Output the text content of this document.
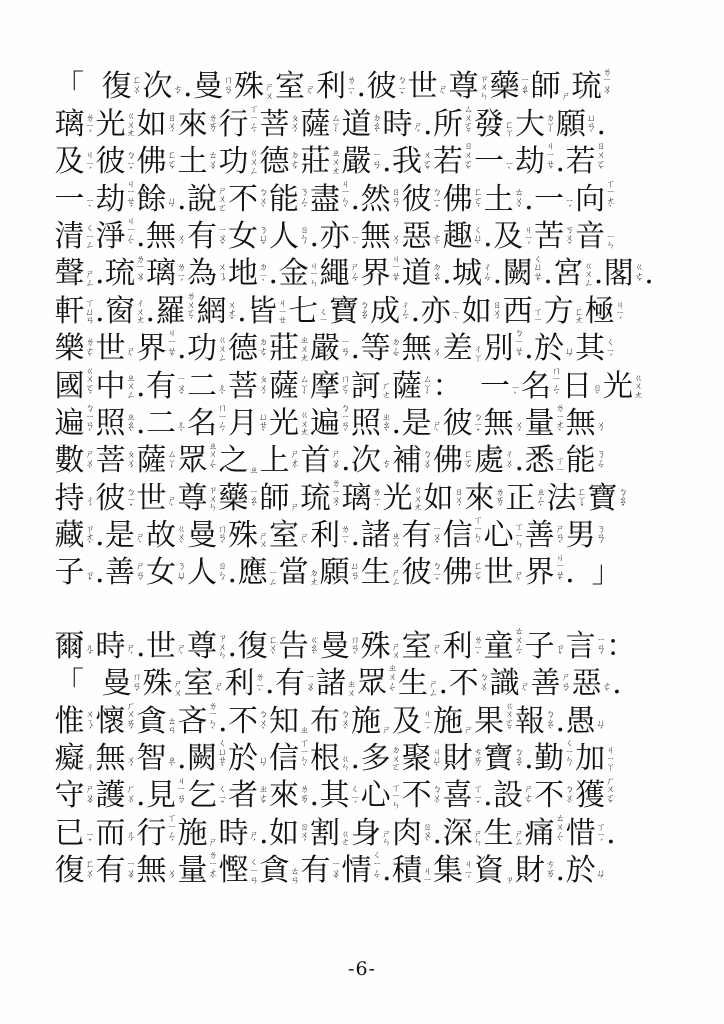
「
復 ㄈ
ㄨ
ˋ 次 ㄘ
ˋ . 曼 ㄇ
ㄢ
ˋ 殊 ㄕ
ㄨ 室 ㄕ
ˋ 利 ㄌ
ㄧ
ˋ . 彼 ㄅ
ㄧ
ˇ 世 ㄕ
ˋ 尊 ㄗ
ㄨ
ㄣ 藥 ㄧ
ㄠ
ˋ 師 ㄕ 琉 ㄌ
ㄧ
ㄡ
ˊ
璃 ㄌ
ㄧ
ˊ 光 ㄍ
ㄨ
ㄤ 如 ㄖ
ㄨ
ˊ 來 ㄌ
ㄞ
ˊ 行 ㄒ
ㄧ
ㄥ
ˊ 菩 ㄆ
ㄨ
ˊ 薩 ㄙ
ㄚ
ˋ 道 ㄉ
ㄠ
ˋ 時 ㄕ
ˊ . 所 ㄙ
ㄨ
ㄛ
ˇ 發 ㄈ
ㄚ 大 ㄉ
ㄚ
ˋ 願 ㄩ
ㄢ
ˋ .
及 ㄐ
ㄧ
ˊ 彼 ㄅ
ㄧ
ˇ 佛 ㄈ
ㄛ
ˊ 土 ㄊ
ㄨ
ˇ 功 ㄍ
ㄨ
ㄥ 德 ㄉ
ㄜ
ˊ 莊 ㄓ
ㄨ
ㄤ 嚴 ㄧ
ㄢ
ˊ . 我 ㄨ
ㄛ
ˇ 若 ㄖ
ㄨ
ㄛ
ˋ 一 ㄧ
ˋ 劫 ㄐ
ㄧ
ㄝ
ˊ . 若 ㄖ
ㄨ
ㄛ
ˋ
一 ㄧ
ˋ 劫 ㄐ
ㄧ
ㄝ
ˊ 餘 ㄩ
ˊ . 說 ㄕ
ㄨ
ㄛ 不 ㄅ
ㄨ
ˋ 能 ㄋ
ㄥ
ˊ 盡 ㄐ
ㄧ
ㄣ
ˋ . 然 ㄖ
ㄢ
ˊ 彼 ㄅ
ㄧ
ˇ 佛 ㄈ
ㄛ
ˊ 土 ㄊ
ㄨ
ˇ . 一 ㄧ
ˊ 向 ㄒ
ㄧ
ㄤ
ˋ
清 ㄑ
ㄧ
ㄥ 淨 ㄐ
ㄧ
ㄥ
ˋ . 無 ㄨ
ˊ 有 ㄧ
ㄡ
ˇ 女 ㄋ
ㄩ
ˇ 人 ㄖ
ㄣ
ˊ . 亦 ㄧ
ˋ 無 ㄨ
ˊ 惡 ㄜ
ˋ 趣 ㄑ
ㄩ
ˋ . 及 ㄐ
ㄧ
ˊ 苦 ㄎ
ㄨ
ˇ 音 ㄧ
ㄣ
聲 ㄕ
ㄥ . 琉 ㄌ
ㄧ
ㄡ
ˊ 璃 ㄌ
ㄧ
ˊ 為 ㄨ
ㄟ
ˊ 地 ㄉ
ㄧ
ˋ . 金 ㄐ
ㄧ
ㄣ 繩 ㄕ
ㄥ
ˊ 界 ㄐ
ㄧ
ㄝ
ˋ 道 ㄉ
ㄠ
ˋ . 城 ㄔ
ㄥ
ˊ . 闕 ㄑ
ㄩ
ㄝ
ˋ . 宮 ㄍ
ㄨ
ㄥ . 閣 ㄍ
ㄜ
ˊ .
軒 ㄒ
ㄩ
ㄢ . 窗 ㄔ
ㄨ
ㄤ . 羅 ㄌ
ㄨ
ㄛ
ˊ 網 ㄨ
ㄤ
ˇ . 皆 ㄐ
ㄧ
ㄝ 七 ㄑ
ㄧ 寶 ㄅ
ㄠ
ˇ 成 ㄔ
ㄥ
ˊ . 亦 ㄧ
ˋ 如 ㄖ
ㄨ
ˊ 西 ㄒ
ㄧ 方 ㄈ
ㄤ 極 ㄐ
ㄧ
ˊ
樂 ㄌ
ㄜ
ˋ 世 ㄕ
ˋ 界 ㄐ
ㄧ
ㄝ
ˋ . 功 ㄍ
ㄨ
ㄥ 德 ㄉ
ㄜ
ˊ 莊 ㄓ
ㄨ
ㄤ 嚴 ㄧ
ㄢ
ˊ . 等 ㄉ
ㄥ
ˇ 無 ㄨ
ˊ 差 ㄔ
ㄚ 別 ㄅ
ㄧ
ㄝ
ˊ . 於 ㄩ
ˊ 其 ㄑ
ㄧ
ˊ
國 ㄍ
ㄨ
ㄛ
ˊ 中 ㄓ
ㄨ
ㄥ . 有 ㄧ
ㄡ
ˇ 二 ㄦ
ˋ 菩 ㄆ
ㄨ
ˊ 薩 ㄙ
ㄚ
ˋ 摩 ㄇ
ㄛ
ˊ 訶 ㄏ
ㄜ 薩 ㄙ
ㄚ
ˋ ：
一 ㄧ
ˋ 名 ㄇ
ㄧ
ㄥ
ˊ 日 ㄖ
ˋ 光 ㄍ
ㄨ
ㄤ
遍 ㄅ
ㄧ
ㄢ
ˋ 照 ㄓ
ㄠ
ˋ . 二 ㄦ
ˋ 名 ㄇ
ㄧ
ㄥ
ˊ 月 ㄩ
ㄝ
ˋ 光 ㄍ
ㄨ
ㄤ 遍 ㄅ
ㄧ
ㄢ
ˋ 照 ㄓ
ㄠ
ˋ . 是 ㄕ
ˋ 彼 ㄅ
ㄧ
ˇ 無 ㄨ
ˊ 量 ㄌ
ㄧ
ㄤ
ˋ 無 ㄨ
ˊ
數 ㄕ
ㄨ
ˋ 菩 ㄆ
ㄨ
ˊ 薩 ㄙ
ㄚ
ˋ 眾 ㄓ
ㄨ
ㄥ
ˋ 之 ㄓ 上 ㄕ
ㄤ
ˋ 首 ㄕ
ㄡ
ˇ . 次 ㄘ
ˋ 補 ㄅ
ㄨ
ˇ 佛 ㄈ
ㄛ
ˊ 處 ㄔ
ㄨ
ˋ . 悉 ㄒ
ㄧ 能 ㄋ
ㄥ
ˊ
持 ㄔ
ˊ 彼 ㄅ
ㄧ
ˇ 世 ㄕ
ˋ 尊 ㄗ
ㄨ
ㄣ 藥 ㄧ
ㄠ
ˋ 師 ㄕ 琉 ㄌ
ㄧ
ㄡ
ˊ 璃 ㄌ
ㄧ
ˊ 光 ㄍ
ㄨ
ㄤ 如 ㄖ
ㄨ
ˊ 來 ㄌ
ㄞ
ˊ 正 ㄓ
ㄥ
ˋ 法 ㄈ
ㄚ
ˇ 寶 ㄅ
ㄠ
ˇ
藏 ㄗ
ㄤ
ˋ . 是 ㄕ
ˋ 故 ㄍ
ㄨ
ˋ 曼 ㄇ
ㄢ
ˋ 殊 ㄕ
ㄨ 室 ㄕ
ˋ 利 ㄌ
ㄧ
ˋ . 諸 ㄓ
ㄨ 有 ㄧ
ㄡ
ˇ 信 ㄒ
ㄧ
ㄣ
ˋ 心 ㄒ
ㄧ
ㄣ 善 ㄕ
ㄢ
ˋ 男 ㄋ
ㄢ
ˊ
子 ㄗ
ˇ . 善 ㄕ
ㄢ
ˋ 女 ㄋ
ㄩ
ˇ 人 ㄖ
ㄣ
ˊ . 應 ㄧ
ㄥ 當 ㄉ
ㄤ 願 ㄩ
ㄢ
ˋ 生 ㄕ
ㄥ 彼 ㄅ
ㄧ
ˇ 佛 ㄈ
ㄛ
ˊ 世 ㄕ
ˋ 界 ㄐ
ㄧ
ㄝ
ˋ .
」
爾 ㄦ
ˇ 時 ㄕ
ˊ . 世 ㄕ
ˋ 尊 ㄗ
ㄨ
ㄣ . 復 ㄈ
ㄨ
ˋ 告 ㄍ
ㄠ
ˋ 曼 ㄇ
ㄢ
ˋ 殊 ㄕ
ㄨ 室 ㄕ
ˋ 利 ㄌ
ㄧ
ˋ 童 ㄊ
ㄨ
ㄥ
ˊ 子 ㄗ
ˇ 言 ㄧ
ㄢ
ˊ ：
「
曼 ㄇ
ㄢ
ˋ 殊 ㄕ
ㄨ 室 ㄕ
ˋ 利 ㄌ
ㄧ
ˋ . 有 ㄧ
ㄡ
ˇ 諸 ㄓ
ㄨ 眾 ㄓ
ㄨ
ㄥ
ˋ 生 ㄕ
ㄥ . 不 ㄅ
ㄨ
ˋ 識 ㄕ
ˋ 善 ㄕ
ㄢ
ˋ 惡 ㄜ
ˋ .
惟 ㄨ
ㄟ
ˊ 懷 ㄏ
ㄨ
ㄞ
ˊ 貪 ㄊ
ㄢ 吝 ㄌ
ㄧ
ㄣ
ˋ . 不 ㄅ
ㄨ
ˋ 知 ㄓ 布 ㄅ
ㄨ
ˋ 施 ㄕ 及 ㄐ
ㄧ
ˊ 施 ㄕ 果 ㄍ
ㄨ
ㄛ
ˇ 報 ㄅ
ㄠ
ˋ . 愚 ㄩ
ˊ
癡 ㄔ 無 ㄨ
ˊ 智 ㄓ
ˋ . 闕 ㄑ
ㄩ
ㄝ
ˋ 於 ㄩ
ˊ 信 ㄒ
ㄧ
ㄣ
ˋ 根 ㄍ
ㄣ . 多 ㄉ
ㄨ
ㄛ 聚 ㄐ
ㄩ
ˋ 財 ㄘ
ㄞ
ˊ 寶 ㄅ
ㄠ
ˇ . 勤 ㄑ
ㄧ
ㄣ
ˊ 加 ㄐ
ㄧ
ㄚ
守 ㄕ
ㄡ
ˇ 護 ㄏ
ㄨ
ˋ . 見 ㄐ
ㄧ
ㄢ
ˋ 乞 ㄑ
ㄧ
ˇ 者 ㄓ
ㄜ
ˇ 來 ㄌ
ㄞ
ˊ . 其 ㄑ
ㄧ
ˊ 心 ㄒ
ㄧ
ㄣ 不 ㄅ
ㄨ
ˋ 喜 ㄒ
ㄧ
ˇ . 設 ㄕ
ㄜ
ˋ 不 ㄅ
ㄨ
ˋ 獲 ㄏ
ㄨ
ㄛ
ˋ
已 ㄧ
ˇ 而 ㄦ
ˊ 行 ㄒ
ㄧ
ㄥ
ˊ 施 ㄕ 時 ㄕ
ˊ . 如 ㄖ
ㄨ
ˊ 割 ㄍ
ㄜ 身 ㄕ
ㄣ 肉 ㄖ
ㄡ
ˋ . 深 ㄕ
ㄣ 生 ㄕ
ㄥ 痛 ㄊ
ㄨ
ㄥ
ˋ 惜 ㄒ
ㄧ
ˊ .
復 ㄈ
ㄨ
ˋ 有 ㄧ
ㄡ
ˇ 無 ㄨ
ˊ 量 ㄌ
ㄧ
ㄤ
ˋ 慳 ㄑ
ㄧ
ㄢ 貪 ㄊ
ㄢ 有 ㄧ
ㄡ
ˇ 情 ㄑ
ㄧ
ㄥ
ˊ . 積 ㄐ
ㄧ 集 ㄐ
ㄧ
ˊ 資 ㄗ 財 ㄘ
ㄞ
ˊ . 於 ㄩ
ˊ
-6-
